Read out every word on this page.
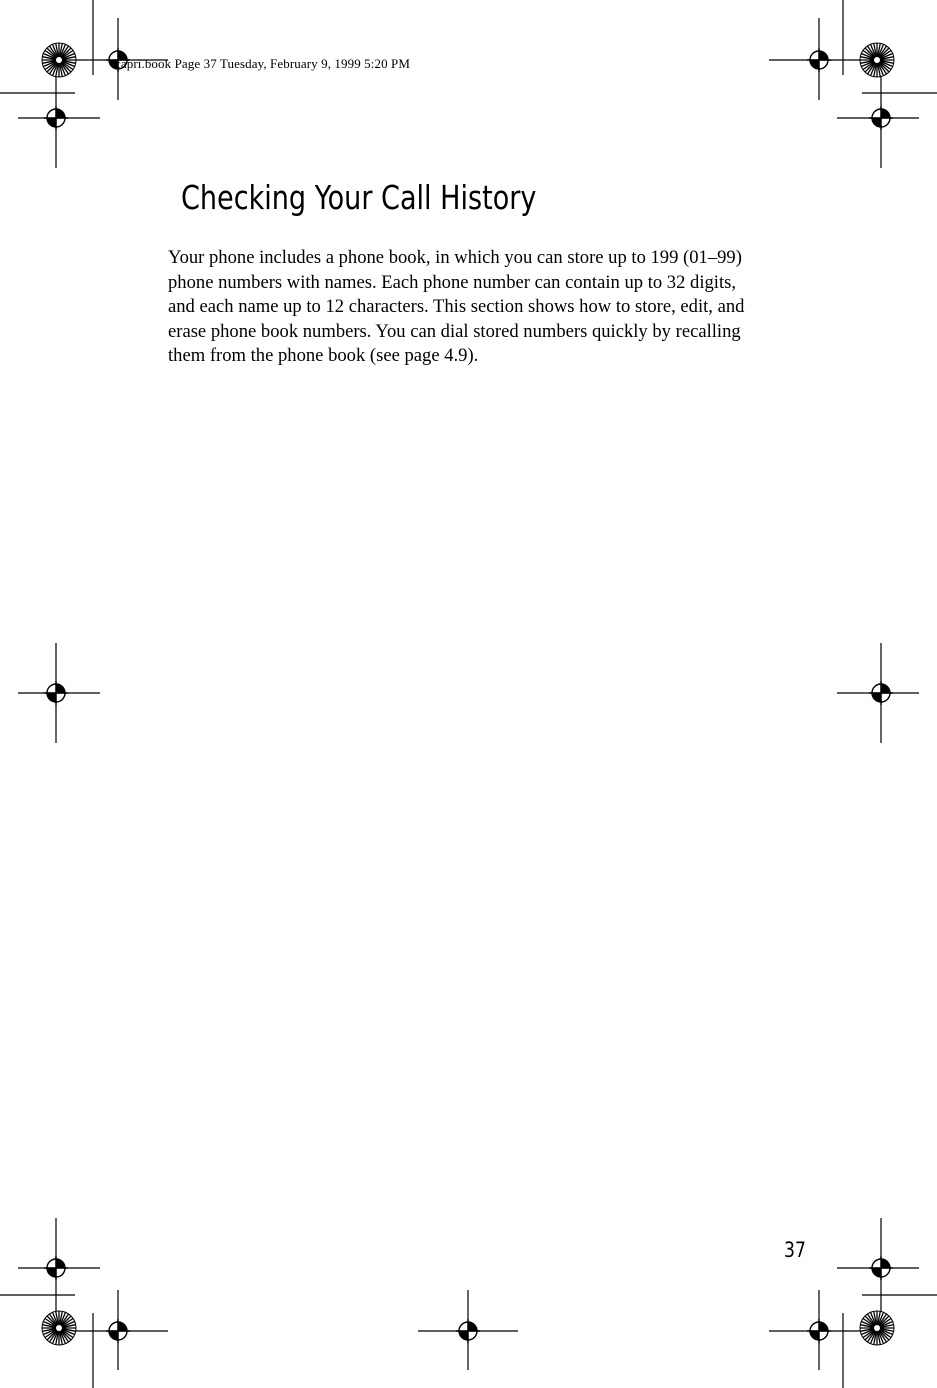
capri.book Page 37 Tuesday, February 9, 1999 5:20 PM
Checking Your Call History

Your phone includes a phone book, in which you can store up to 199 (01–99)
phone numbers with names. Each phone number can contain up to 32 digits,
and each name up to 12 characters. This section shows how to store, edit, and
erase phone book numbers. You can dial stored numbers quickly by recalling
them from the phone book (see page 4.9).

37
